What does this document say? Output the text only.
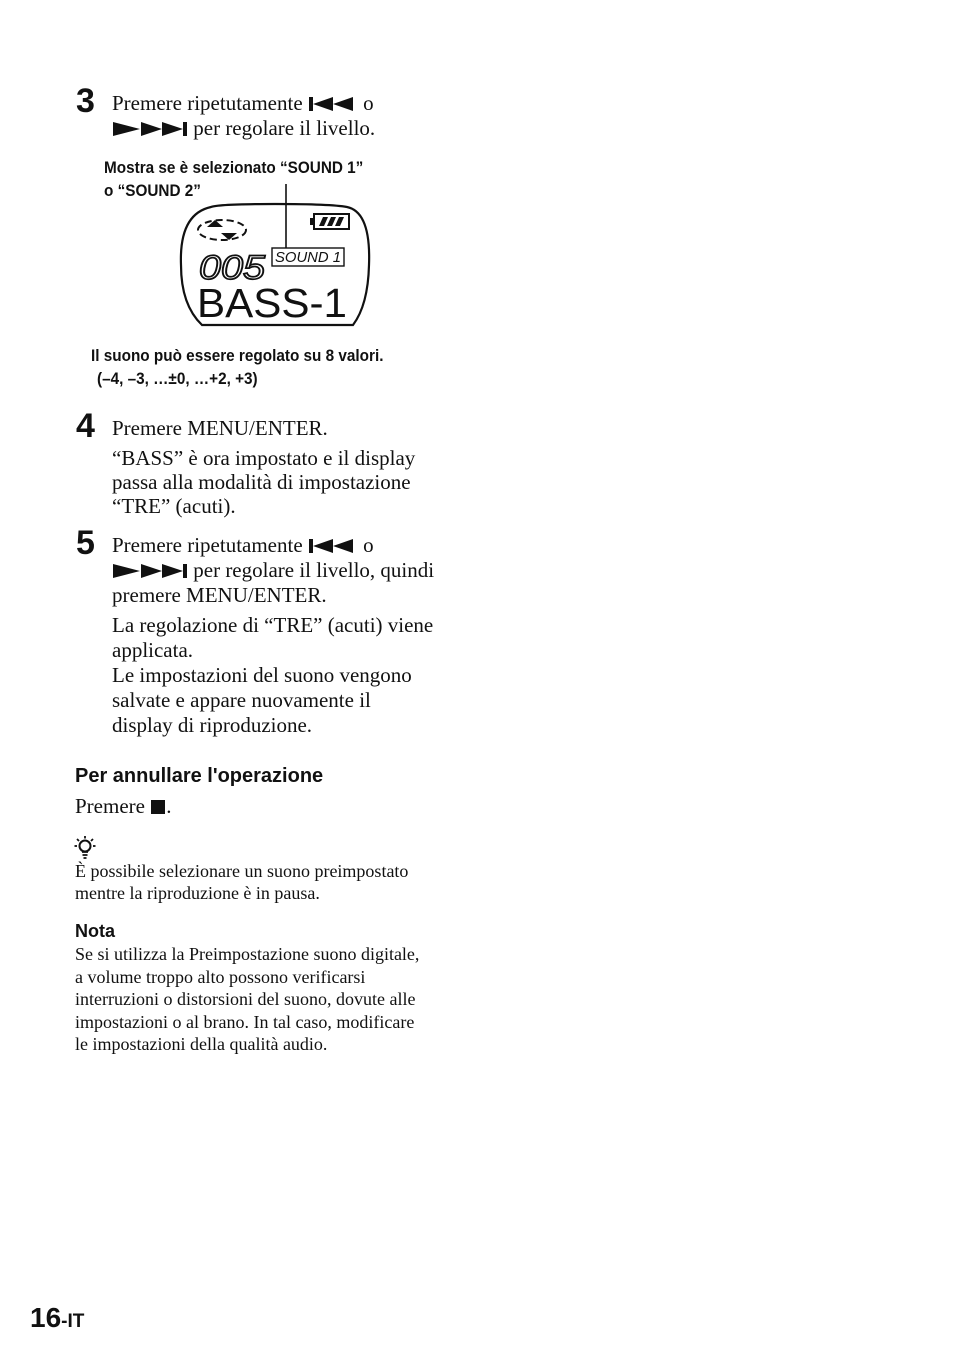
3 Premere ripetutamente	o
per regolare il livello.
Mostra se è selezionato “SOUND 1”
o “SOUND 2”
SOUND 1
005
BASS-1
Il suono può essere regolato su 8 valori.
(–4, –3, …±0, …+2, +3)
4 Premere MENU/ENTER.
“BASS” è ora impostato e il display
passa alla modalità di impostazione
“TRE” (acuti).
5 Premere ripetutamente	o
per regolare il livello, quindi
premere MENU/ENTER.
La regolazione di “TRE” (acuti) viene
applicata.
Le impostazioni del suono vengono
salvate e appare nuovamente il
display di riproduzione.
Per annullare l'operazione
Premere .
È possibile selezionare un suono preimpostato
mentre la riproduzione è in pausa.
Nota
Se si utilizza la Preimpostazione suono digitale,
a volume troppo alto possono verificarsi
interruzioni o distorsioni del suono, dovute alle
impostazioni o al brano. In tal caso, modificare
le impostazioni della qualità audio.
16-IT
